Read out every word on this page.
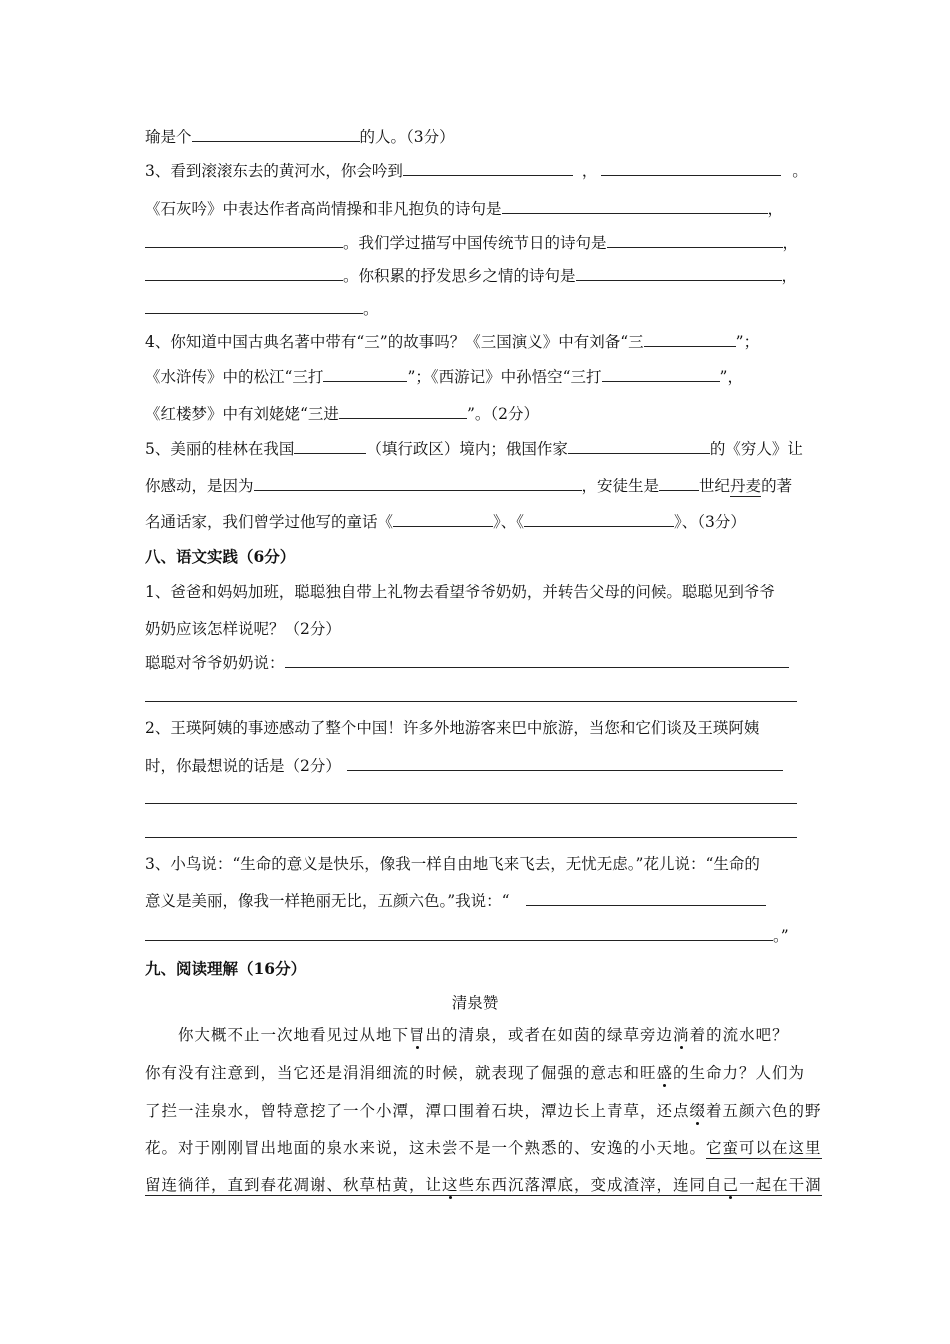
瑜是个	的人。（3分）
3、看到滚滚东去的黄河水，你会吟到	，	。
《石灰吟》中表达作者高尚情操和非凡抱负的诗句是	，
。我们学过描写中国传统节日的诗句是	，
。你积累的抒发思乡之情的诗句是	，
。
4、你知道中国古典名著中带有“三”的故事吗？《三国演义》中有刘备“三	”；
《水浒传》中的松江“三打	”；《西游记》中孙悟空“三打	”，
《红楼梦》中有刘姥姥“三进	”。（2分）
5、美丽的桂林在我国	（填行政区）境内；俄国作家	的《穷人》让
你感动，是因为	，安徒生是	世纪丹麦的著
名通话家，我们曾学过他写的童话《	》、《	》、（3分）
八、语文实践（6分）
1、爸爸和妈妈加班，聪聪独自带上礼物去看望爷爷奶奶，并转告父母的问候。聪聪见到爷爷
奶奶应该怎样说呢？（2分）
聪聪对爷爷奶奶说：
2、王瑛阿姨的事迹感动了整个中国！许多外地游客来巴中旅游，当您和它们谈及王瑛阿姨
时，你最想说的话是（2分）
3、小鸟说：“生命的意义是快乐，像我一样自由地飞来飞去，无忧无虑。”花儿说：“生命的
意义是美丽，像我一样艳丽无比，五颜六色。”我说：“
。”
九、阅读理解（16分）
清泉赞
你大概不止一次地看见过从地下冒出的清泉，或者在如茵的绿草旁边淌着的流水吧？
你有没有注意到，当它还是涓涓细流的时候，就表现了倔强的意志和旺盛的生命力？人们为
了拦一洼泉水，曾特意挖了一个小潭，潭口围着石块，潭边长上青草，还点缀着五颜六色的野
花。对于刚刚冒出地面的泉水来说，这未尝不是一个熟悉的、安逸的小天地。它蛮可以在这里
留连徜徉，直到春花凋谢、秋草枯黄，让这些东西沉落潭底，变成渣滓，连同自己一起在干涸
